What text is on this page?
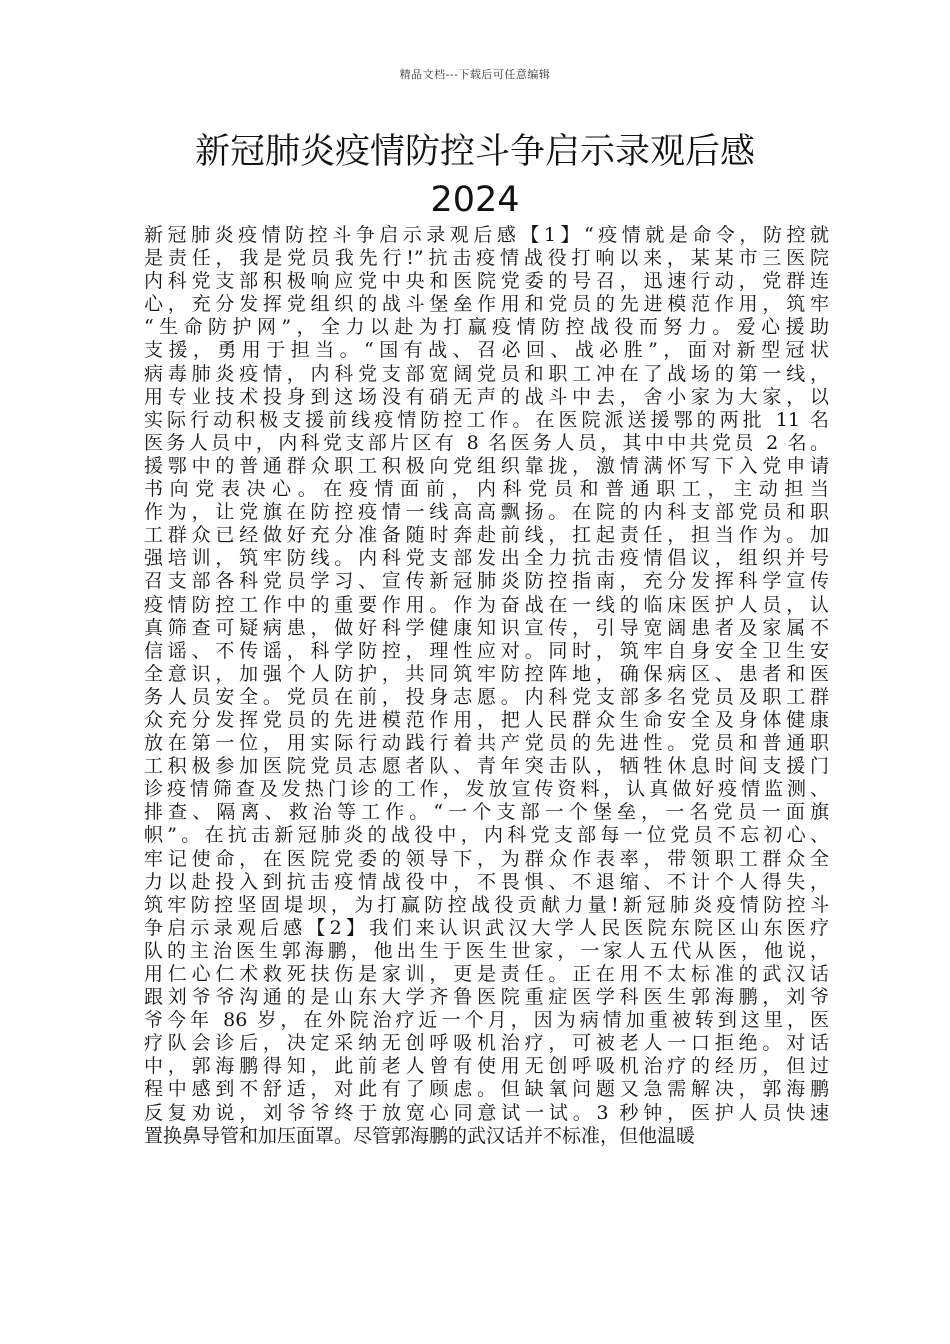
精品文档---下载后可任意编辑
新冠肺炎疫情防控斗争启示录观后感
2024
新冠肺炎疫情防控斗争启示录观后感【1】“疫情就是命令，防控就
是责任，我是党员我先行!”抗击疫情战役打响以来，某某市三医院
内科党支部积极响应党中央和医院党委的号召，迅速行动，党群连
心，充分发挥党组织的战斗堡垒作用和党员的先进模范作用，筑牢
“生命防护网”，全力以赴为打赢疫情防控战役而努力。爱心援助
支援，勇用于担当。“国有战、召必回、战必胜”，面对新型冠状
病毒肺炎疫情，内科党支部宽阔党员和职工冲在了战场的第一线，
用专业技术投身到这场没有硝无声的战斗中去，舍小家为大家，以
实际行动积极支援前线疫情防控工作。在医院派送援鄂的两批 11 名
医务人员中，内科党支部片区有 8 名医务人员，其中中共党员 2 名。
援鄂中的普通群众职工积极向党组织靠拢，激情满怀写下入党申请
书向党表决心。在疫情面前，内科党员和普通职工，主动担当
作为，让党旗在防控疫情一线高高飘扬。在院的内科支部党员和职
工群众已经做好充分准备随时奔赴前线，扛起责任，担当作为。加
强培训，筑牢防线。内科党支部发出全力抗击疫情倡议，组织并号
召支部各科党员学习、宣传新冠肺炎防控指南，充分发挥科学宣传
疫情防控工作中的重要作用。作为奋战在一线的临床医护人员，认
真筛查可疑病患，做好科学健康知识宣传，引导宽阔患者及家属不
信谣、不传谣，科学防控，理性应对。同时，筑牢自身安全卫生安
全意识，加强个人防护，共同筑牢防控阵地，确保病区、患者和医
务人员安全。党员在前，投身志愿。内科党支部多名党员及职工群
众充分发挥党员的先进模范作用，把人民群众生命安全及身体健康
放在第一位，用实际行动践行着共产党员的先进性。党员和普通职
工积极参加医院党员志愿者队、青年突击队，牺牲休息时间支援门
诊疫情筛查及发热门诊的工作，发放宣传资料，认真做好疫情监测、
排查、隔离、救治等工作。“一个支部一个堡垒，一名党员一面旗
帜”。在抗击新冠肺炎的战役中，内科党支部每一位党员不忘初心、
牢记使命，在医院党委的领导下，为群众作表率，带领职工群众全
力以赴投入到抗击疫情战役中，不畏惧、不退缩、不计个人得失，
筑牢防控坚固堤坝，为打赢防控战役贡献力量!新冠肺炎疫情防控斗
争启示录观后感【2】我们来认识武汉大学人民医院东院区山东医疗
队的主治医生郭海鹏，他出生于医生世家，一家人五代从医，他说，
用仁心仁术救死扶伤是家训，更是责任。正在用不太标准的武汉话
跟刘爷爷沟通的是山东大学齐鲁医院重症医学科医生郭海鹏，刘爷
爷今年 86 岁，在外院治疗近一个月，因为病情加重被转到这里，医
疗队会诊后，决定采纳无创呼吸机治疗，可被老人一口拒绝。对话
中，郭海鹏得知，此前老人曾有使用无创呼吸机治疗的经历，但过
程中感到不舒适，对此有了顾虑。但缺氧问题又急需解决，郭海鹏
反复劝说，刘爷爷终于放宽心同意试一试。3 秒钟，医护人员快速
置换鼻导管和加压面罩。尽管郭海鹏的武汉话并不标准，但他温暖
